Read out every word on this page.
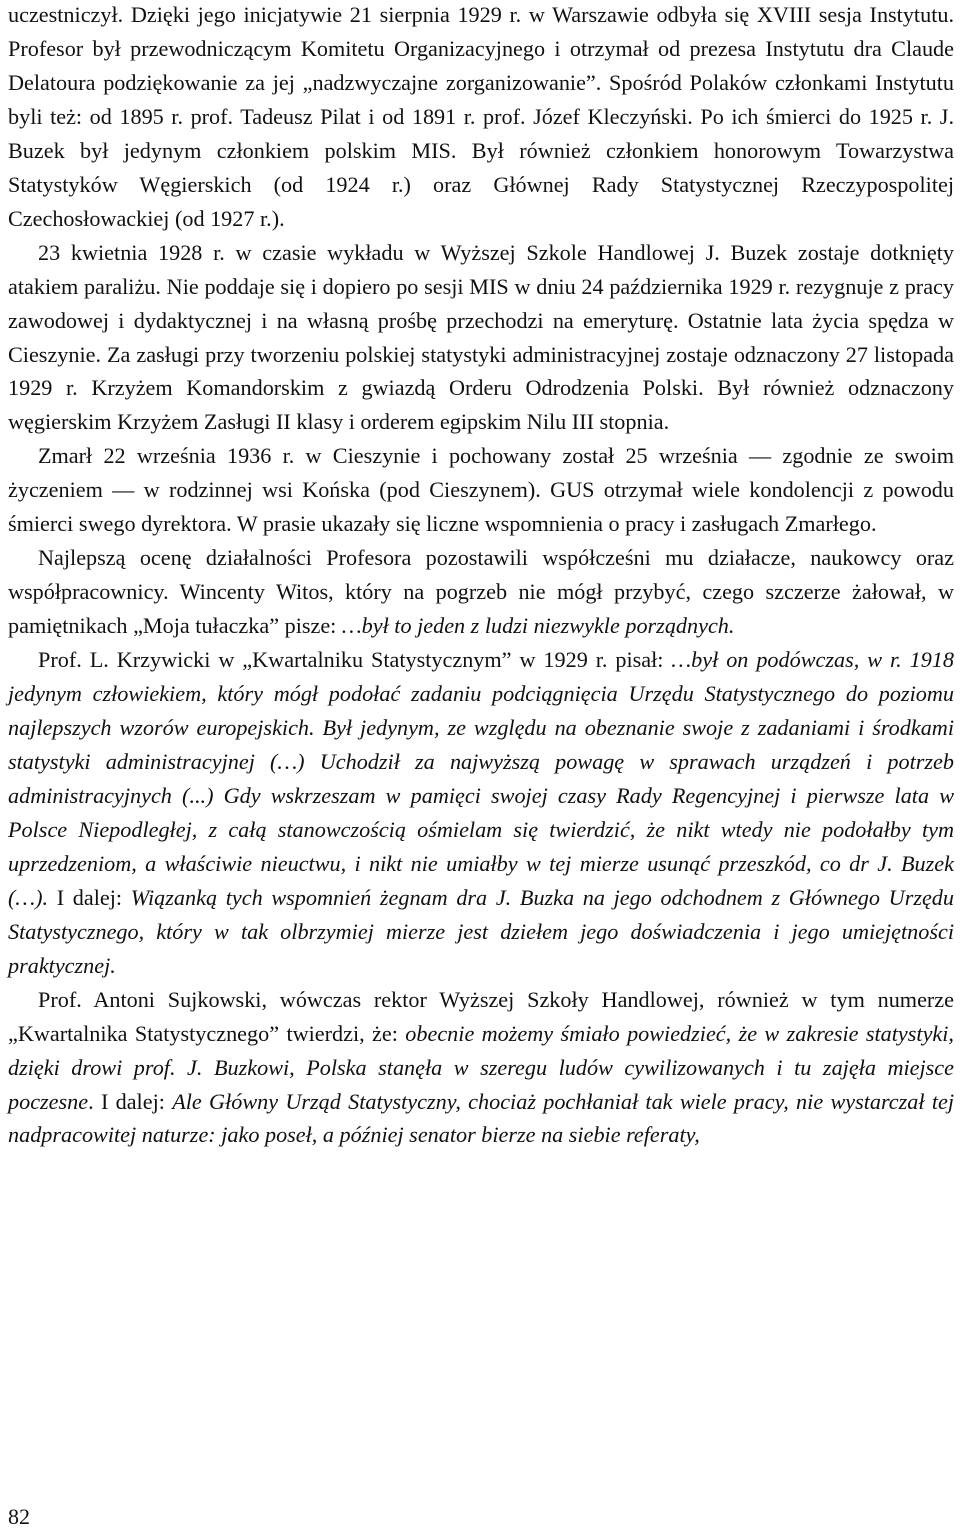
uczestniczył. Dzięki jego inicjatywie 21 sierpnia 1929 r. w Warszawie odbyła się XVIII sesja Instytutu. Profesor był przewodniczącym Komitetu Organizacyjnego i otrzymał od prezesa Instytutu dra Claude Delatoura podziękowanie za jej „nadzwyczajne zorganizowanie”. Spośród Polaków członkami Instytutu byli też: od 1895 r. prof. Tadeusz Pilat i od 1891 r. prof. Józef Kleczyński. Po ich śmierci do 1925 r. J. Buzek był jedynym członkiem polskim MIS. Był również członkiem honorowym Towarzystwa Statystyków Węgierskich (od 1924 r.) oraz Głównej Rady Statystycznej Rzeczypospolitej Czechosłowackiej (od 1927 r.).

23 kwietnia 1928 r. w czasie wykładu w Wyższej Szkole Handlowej J. Buzek zostaje dotknięty atakiem paraliżu. Nie poddaje się i dopiero po sesji MIS w dniu 24 października 1929 r. rezygnuje z pracy zawodowej i dydaktycznej i na własną prośbę przechodzi na emeryturę. Ostatnie lata życia spędza w Cieszynie. Za zasługi przy tworzeniu polskiej statystyki administracyjnej zostaje odznaczony 27 listopada 1929 r. Krzyżem Komandorskim z gwiazdą Orderu Odrodzenia Polski. Był również odznaczony węgierskim Krzyżem Zasługi II klasy i orderem egipskim Nilu III stopnia.

Zmarł 22 września 1936 r. w Cieszynie i pochowany został 25 września — zgodnie ze swoim życzeniem — w rodzinnej wsi Końska (pod Cieszynem). GUS otrzymał wiele kondolencji z powodu śmierci swego dyrektora. W prasie ukazały się liczne wspomnienia o pracy i zasługach Zmarłego.

Najlepszą ocenę działalności Profesora pozostawili współcześni mu działacze, naukowcy oraz współpracownicy. Wincenty Witos, który na pogrzeb nie mógł przybyć, czego szczerze żałował, w pamiętnikach „Moja tułaczka” pisze: …był to jeden z ludzi niezwykle porządnych.

Prof. L. Krzywicki w „Kwartalniku Statystycznym” w 1929 r. pisał: …był on podówczas, w r. 1918 jedynym człowiekiem, który mógł podołać zadaniu podciągnięcia Urzędu Statystycznego do poziomu najlepszych wzorów europejskich. Był jedynym, ze względu na obeznanie swoje z zadaniami i środkami statystyki administracyjnej (…) Uchodził za najwyższą powagę w sprawach urządzeń i potrzeb administracyjnych (...) Gdy wskrzeszam w pamięci swojej czasy Rady Regencyjnej i pierwsze lata w Polsce Niepodległej, z całą stanowczością ośmielam się twierdzić, że nikt wtedy nie podołałby tym uprzedzeniom, a właściwie nieuctwu, i nikt nie umiałby w tej mierze usunąć przeszkód, co dr J. Buzek (…). I dalej: Wiązanką tych wspomnień żegnam dra J. Buzka na jego odchodnem z Głównego Urzędu Statystycznego, który w tak olbrzymiej mierze jest dziełem jego doświadczenia i jego umiejętności praktycznej.

Prof. Antoni Sujkowski, wówczas rektor Wyższej Szkoły Handlowej, również w tym numerze „Kwartalnika Statystycznego” twierdzi, że: obecnie możemy śmiało powiedzieć, że w zakresie statystyki, dzięki drowi prof. J. Buzkowi, Polska stanęła w szeregu ludów cywilizowanych i tu zajęła miejsce poczesne. I dalej: Ale Główny Urząd Statystyczny, chociaż pochłaniał tak wiele pracy, nie wystarczał tej nadpracowitej naturze: jako poseł, a później senator bierze na siebie referaty,

82
